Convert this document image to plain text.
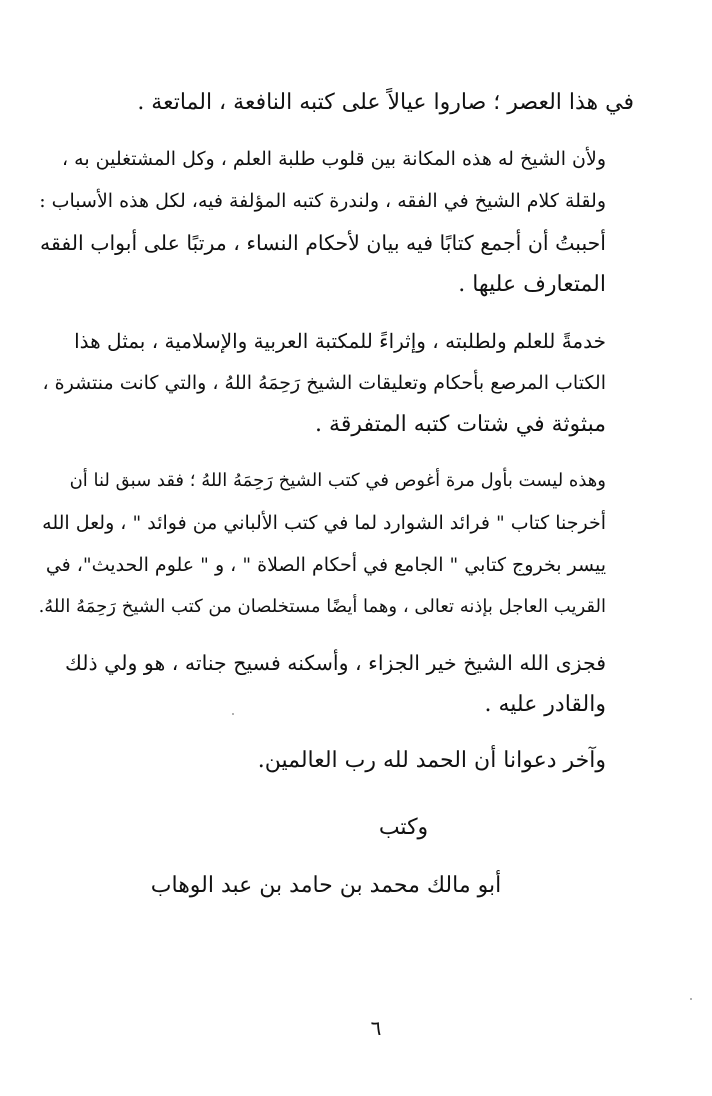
في هذا العصر ؛ صاروا عيالاً على كتبه النافعة ، الماتعة .

ولأن الشيخ له هذه المكانة بين قلوب طلبة العلم ، وكل المشتغلين به ،
ولقلة كلام الشيخ في الفقه ، ولندرة كتبه المؤلفة فيه، لكل هذه الأسباب :
أحببتُ أن أجمع كتابًا فيه بيان لأحكام النساء ، مرتبًا على أبواب الفقه
المتعارف عليها .

خدمةً للعلم ولطلبته ، وإثراءً للمكتبة العربية والإسلامية ، بمثل هذا
الكتاب المرصع بأحكام وتعليقات الشيخ رَحِمَهُ اللهُ ، والتي كانت منتشرة ،
مبثوثة في شتات كتبه المتفرقة .

وهذه ليست بأول مرة أغوص في كتب الشيخ رَحِمَهُ اللهُ ؛ فقد سبق لنا أن
أخرجنا كتاب " فرائد الشوارد لما في كتب الألباني من فوائد " ، ولعل الله
ييسر بخروج كتابي " الجامع في أحكام الصلاة " ، و " علوم الحديث"، في
القريب العاجل بإذنه تعالى ، وهما أيضًا مستخلصان من كتب الشيخ رَحِمَهُ اللهُ.

فجزى الله الشيخ خير الجزاء ، وأسكنه فسيح جناته ، هو ولي ذلك
والقادر عليه .

وآخر دعوانا أن الحمد لله رب العالمين.

وكتب
أبو مالك محمد بن حامد بن عبد الوهاب
٦
